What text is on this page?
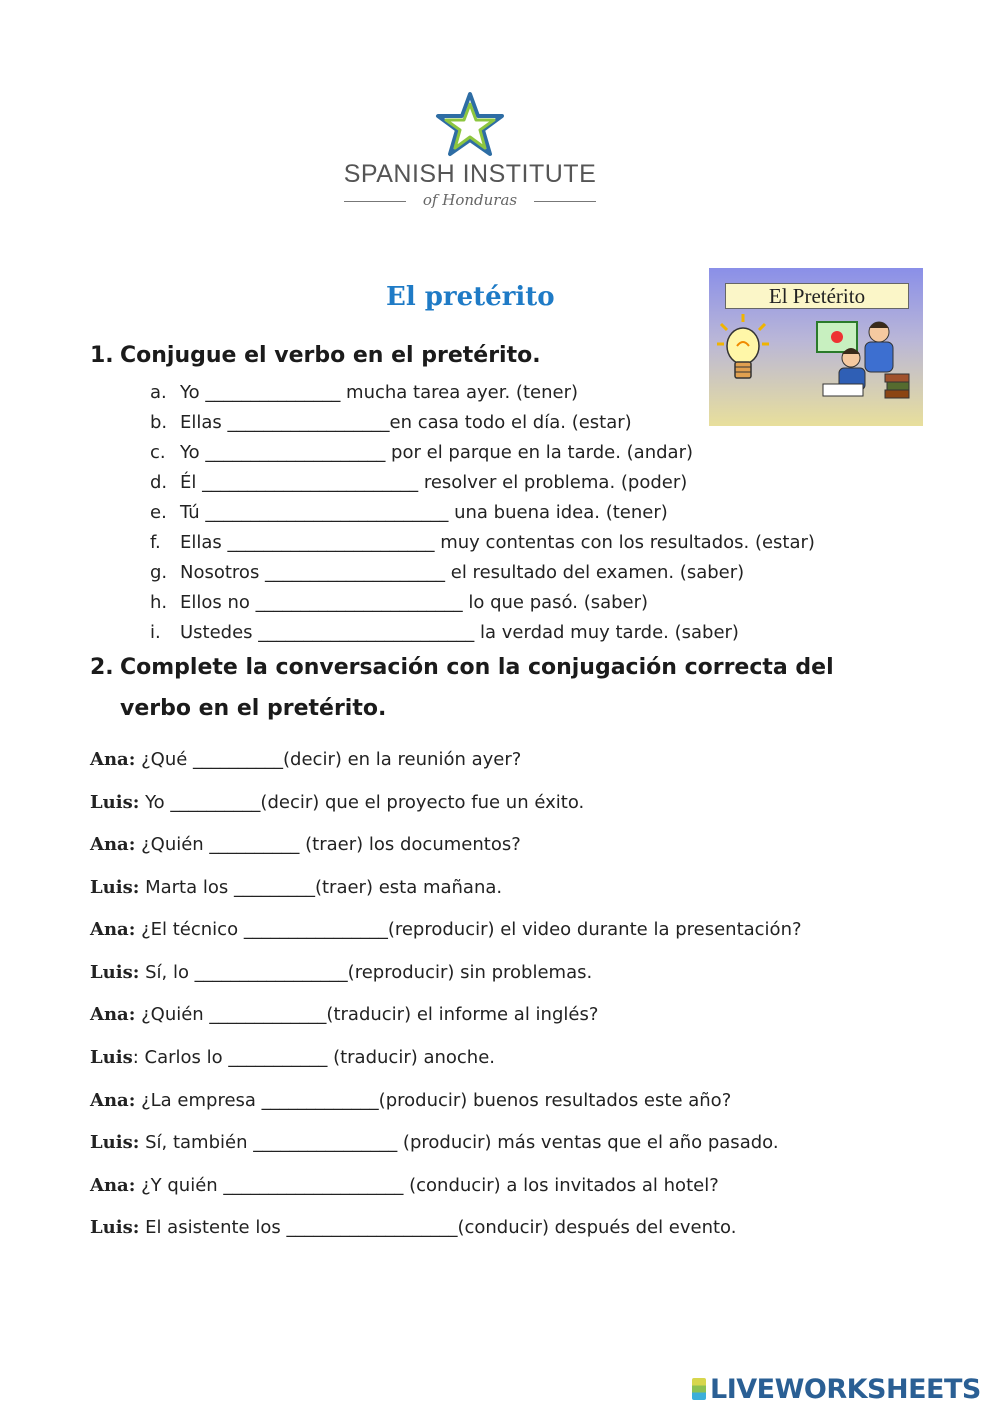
SPANISH INSTITUTE
of Honduras
El pretérito	El Pretérito
1. Conjugue el verbo en el pretérito.
a. Yo _______________ mucha tarea ayer. (tener)
b. Ellas __________________en casa todo el día. (estar)
c. Yo ____________________ por el parque en la tarde. (andar)
d. Él ________________________ resolver el problema. (poder)
e. Tú ___________________________ una buena idea. (tener)
f. Ellas _______________________ muy contentas con los resultados. (estar)
g. Nosotros ____________________ el resultado del examen. (saber)
h. Ellos no _______________________ lo que pasó. (saber)
i. Ustedes ________________________ la verdad muy tarde. (saber)
2. Complete la conversación con la conjugación correcta del
verbo en el pretérito.
Ana: ¿Qué __________(decir) en la reunión ayer?
Luis: Yo __________(decir) que el proyecto fue un éxito.
Ana: ¿Quién __________ (traer) los documentos?
Luis: Marta los _________(traer) esta mañana.
Ana: ¿El técnico ________________(reproducir) el video durante la presentación?
Luis: Sí, lo _________________(reproducir) sin problemas.
Ana: ¿Quién _____________(traducir) el informe al inglés?
Luis: Carlos lo ___________ (traducir) anoche.
Ana: ¿La empresa _____________(producir) buenos resultados este año?
Luis: Sí, también ________________ (producir) más ventas que el año pasado.
Ana: ¿Y quién ____________________ (conducir) a los invitados al hotel?
Luis: El asistente los ___________________(conducir) después del evento.
LIVEWORKSHEETS
